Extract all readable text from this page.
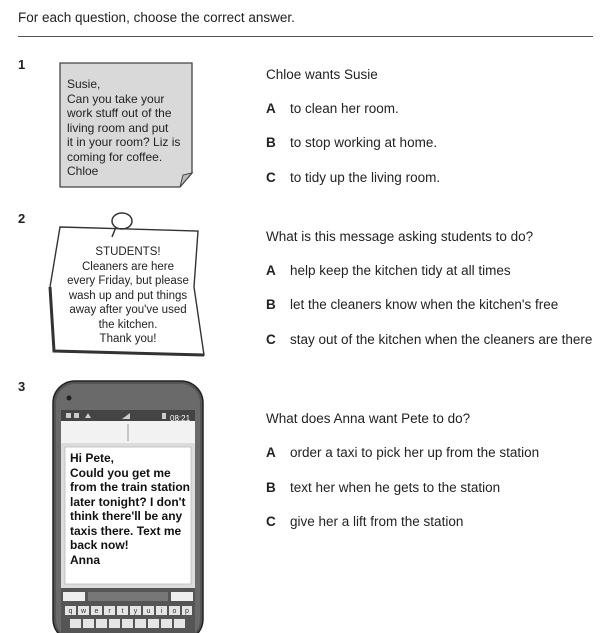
For each question, choose the correct answer.
1
Susie,
Can you take your
work stuff out of the
living room and put
it in your room? Liz is
coming for coffee.
Chloe
Chloe wants Susie
A to clean her room.
B to stop working at home.
C to tidy up the living room.
2
STUDENTS!
Cleaners are here
every Friday, but please
wash up and put things
away after you've used
the kitchen.
Thank you!
What is this message asking students to do?
A help keep the kitchen tidy at all times
B let the cleaners know when the kitchen's free
C stay out of the kitchen when the cleaners are there
3
q w e r t y u i o p
08:21
Hi Pete,
Could you get me
from the train station
later tonight? I don't
think there'll be any
taxis there. Text me
back now!
Anna
What does Anna want Pete to do?
A order a taxi to pick her up from the station
B text her when he gets to the station
C give her a lift from the station
